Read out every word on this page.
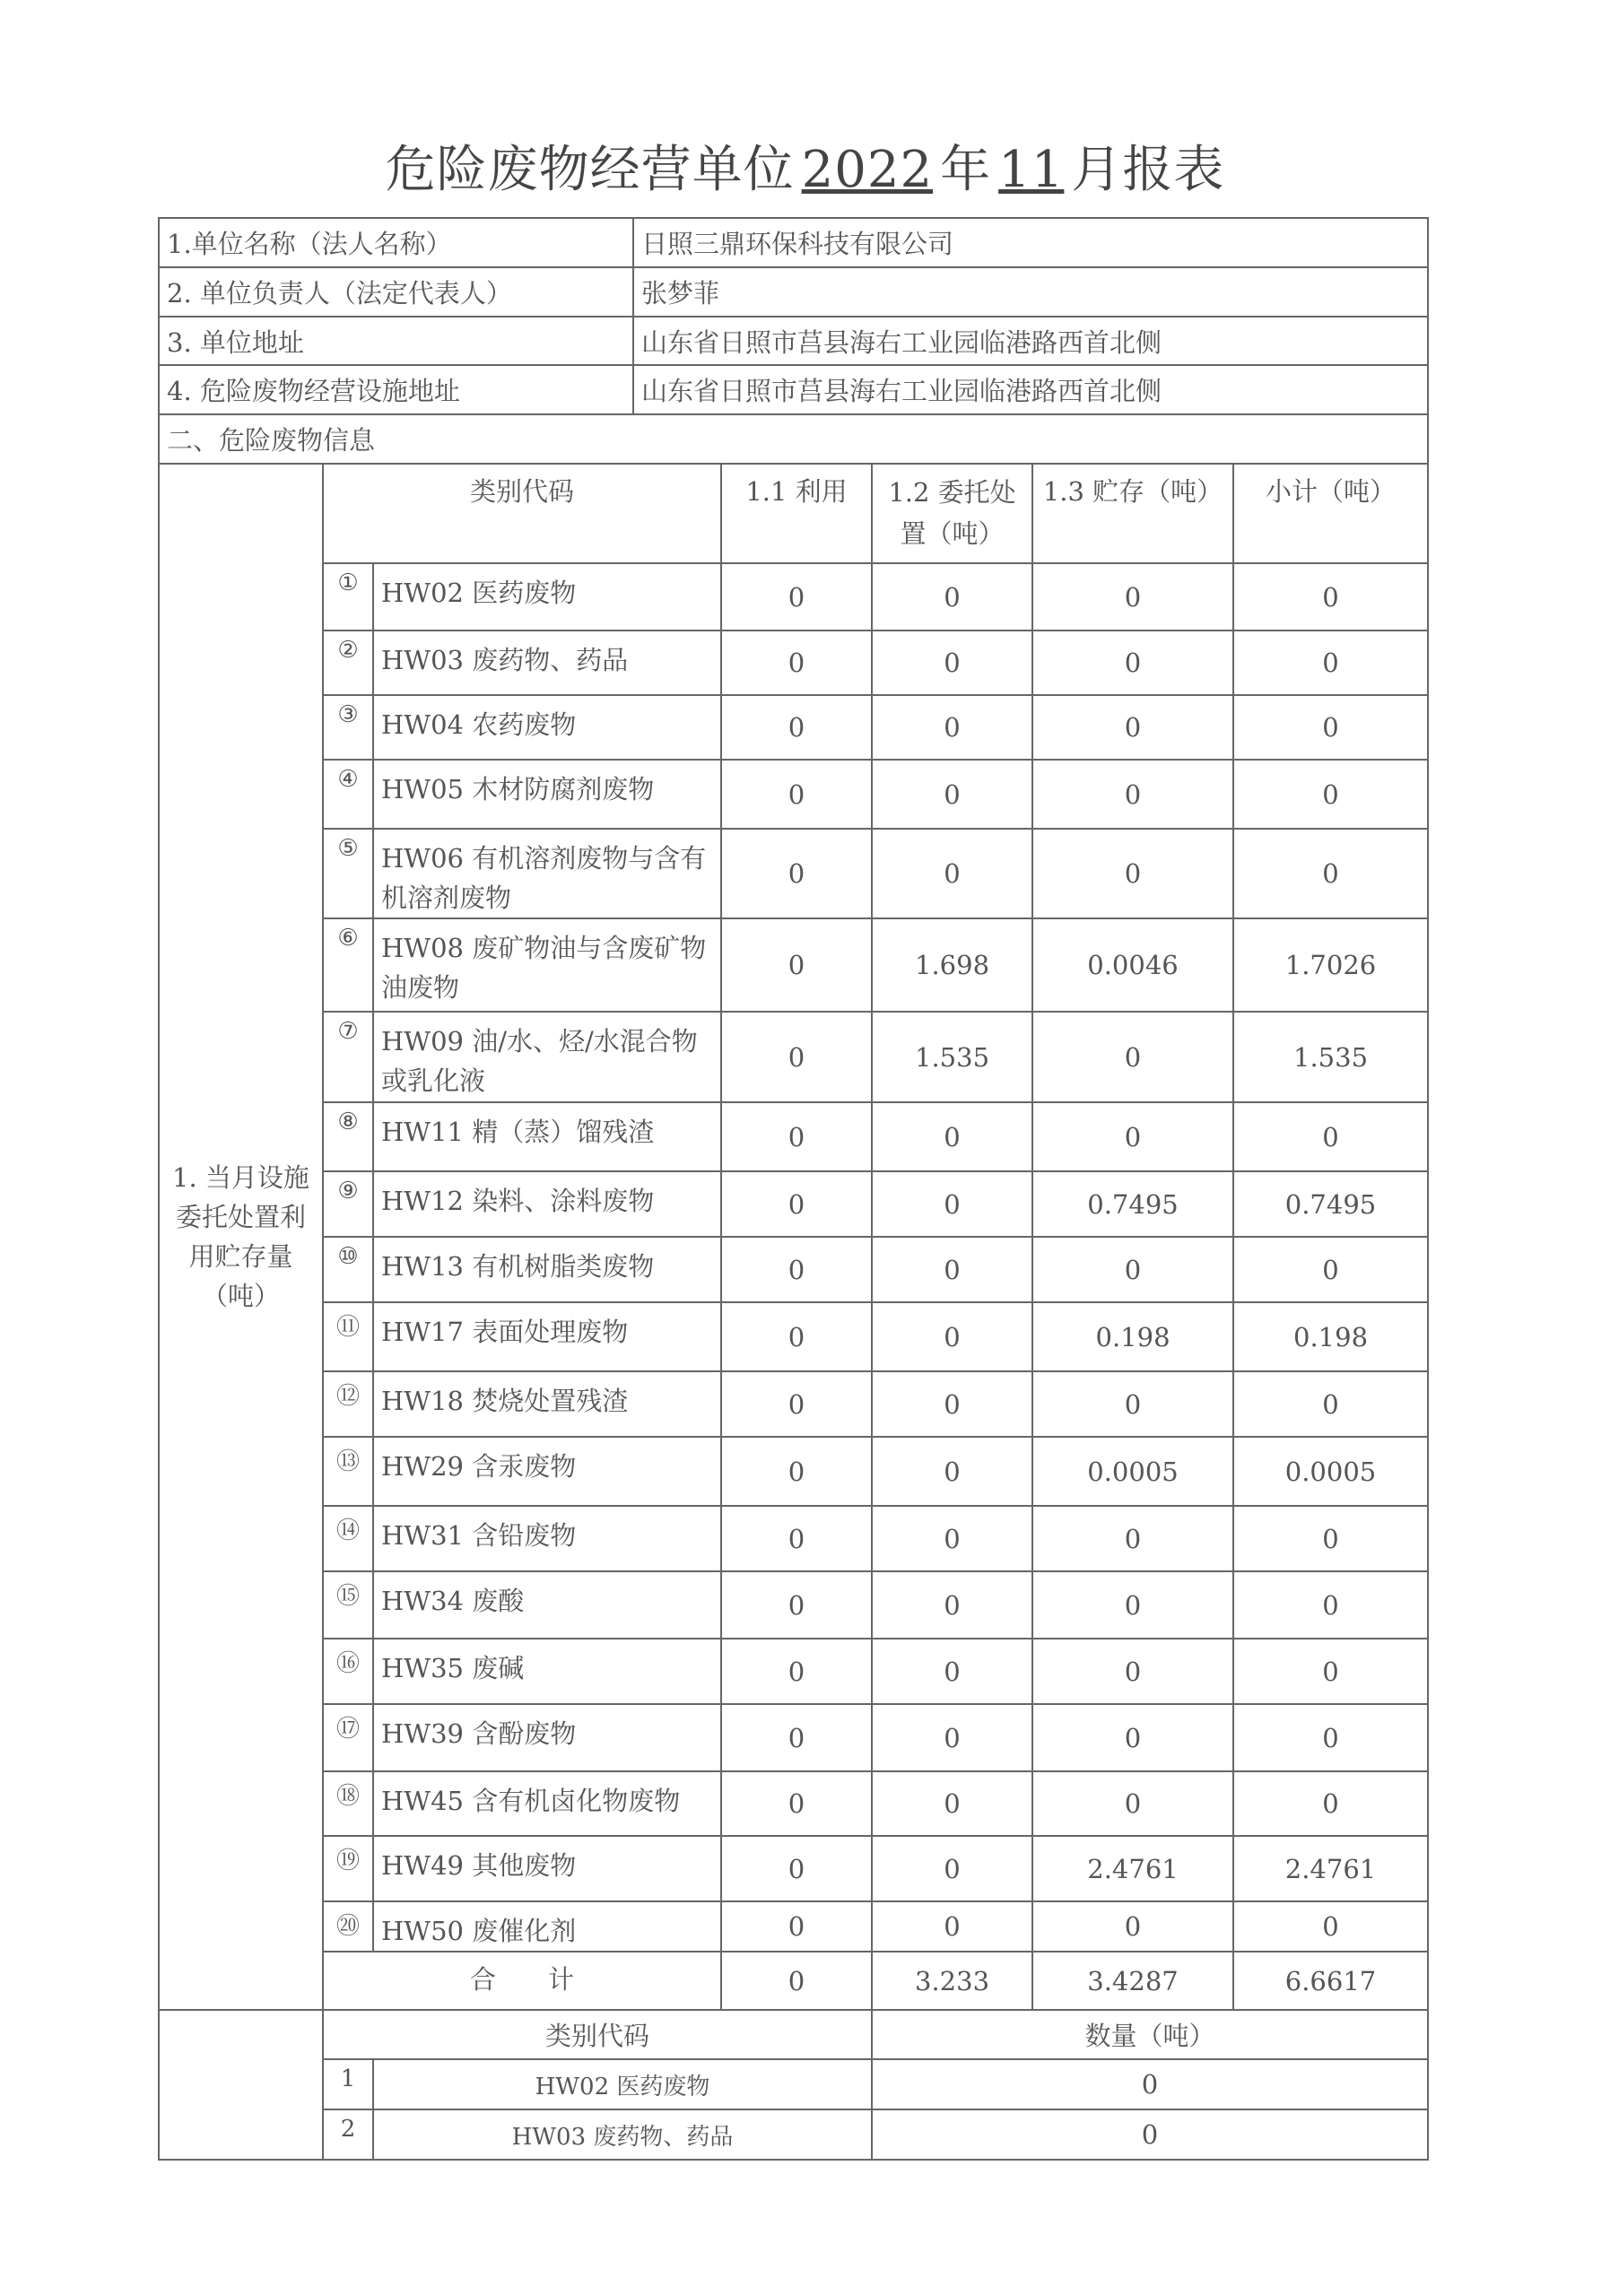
危险废物经营单位 2022 年 11 月报表
1.单位名称（法人名称）	日照三鼎环保科技有限公司
2. 单位负责人（法定代表人）	张梦菲
3. 单位地址	山东省日照市莒县海右工业园临港路西首北侧
4. 危险废物经营设施地址	山东省日照市莒县海右工业园临港路西首北侧
二、危险废物信息	
1. 当月设施委托处置利用贮存量（吨）	类别代码		1.1 利用	1.2 委托处置（吨）	1.3 贮存（吨）	小计（吨）
	①	HW02 医药废物	0	0	0	0
	②	HW03 废药物、药品	0	0	0	0
	③	HW04 农药废物	0	0	0	0
	④	HW05 木材防腐剂废物	0	0	0	0
	⑤	HW06 有机溶剂废物与含有机溶剂废物	0	0	0	0
	⑥	HW08 废矿物油与含废矿物油废物	0	1.698	0.0046	1.7026
	⑦	HW09 油/水、烃/水混合物或乳化液	0	1.535	0	1.535
	⑧	HW11 精（蒸）馏残渣	0	0	0	0
	⑨	HW12 染料、涂料废物	0	0	0.7495	0.7495
	⑩	HW13 有机树脂类废物	0	0	0	0
	⑪	HW17 表面处理废物	0	0	0.198	0.198
	⑫	HW18 焚烧处置残渣	0	0	0	0
	⑬	HW29 含汞废物	0	0	0.0005	0.0005
	⑭	HW31 含铅废物	0	0	0	0
	⑮	HW34 废酸	0	0	0	0
	⑯	HW35 废碱	0	0	0	0
	⑰	HW39 含酚废物	0	0	0	0
	⑱	HW45 含有机卤化物废物	0	0	0	0
	⑲	HW49 其他废物	0	0	2.4761	2.4761
	⑳	HW50 废催化剂	0	0	0	0
	合　　计		0	3.233	3.4287	6.6617
	类别代码			数量（吨）		
	1	HW02 医药废物		0		
	2	HW03 废药物、药品		0		
